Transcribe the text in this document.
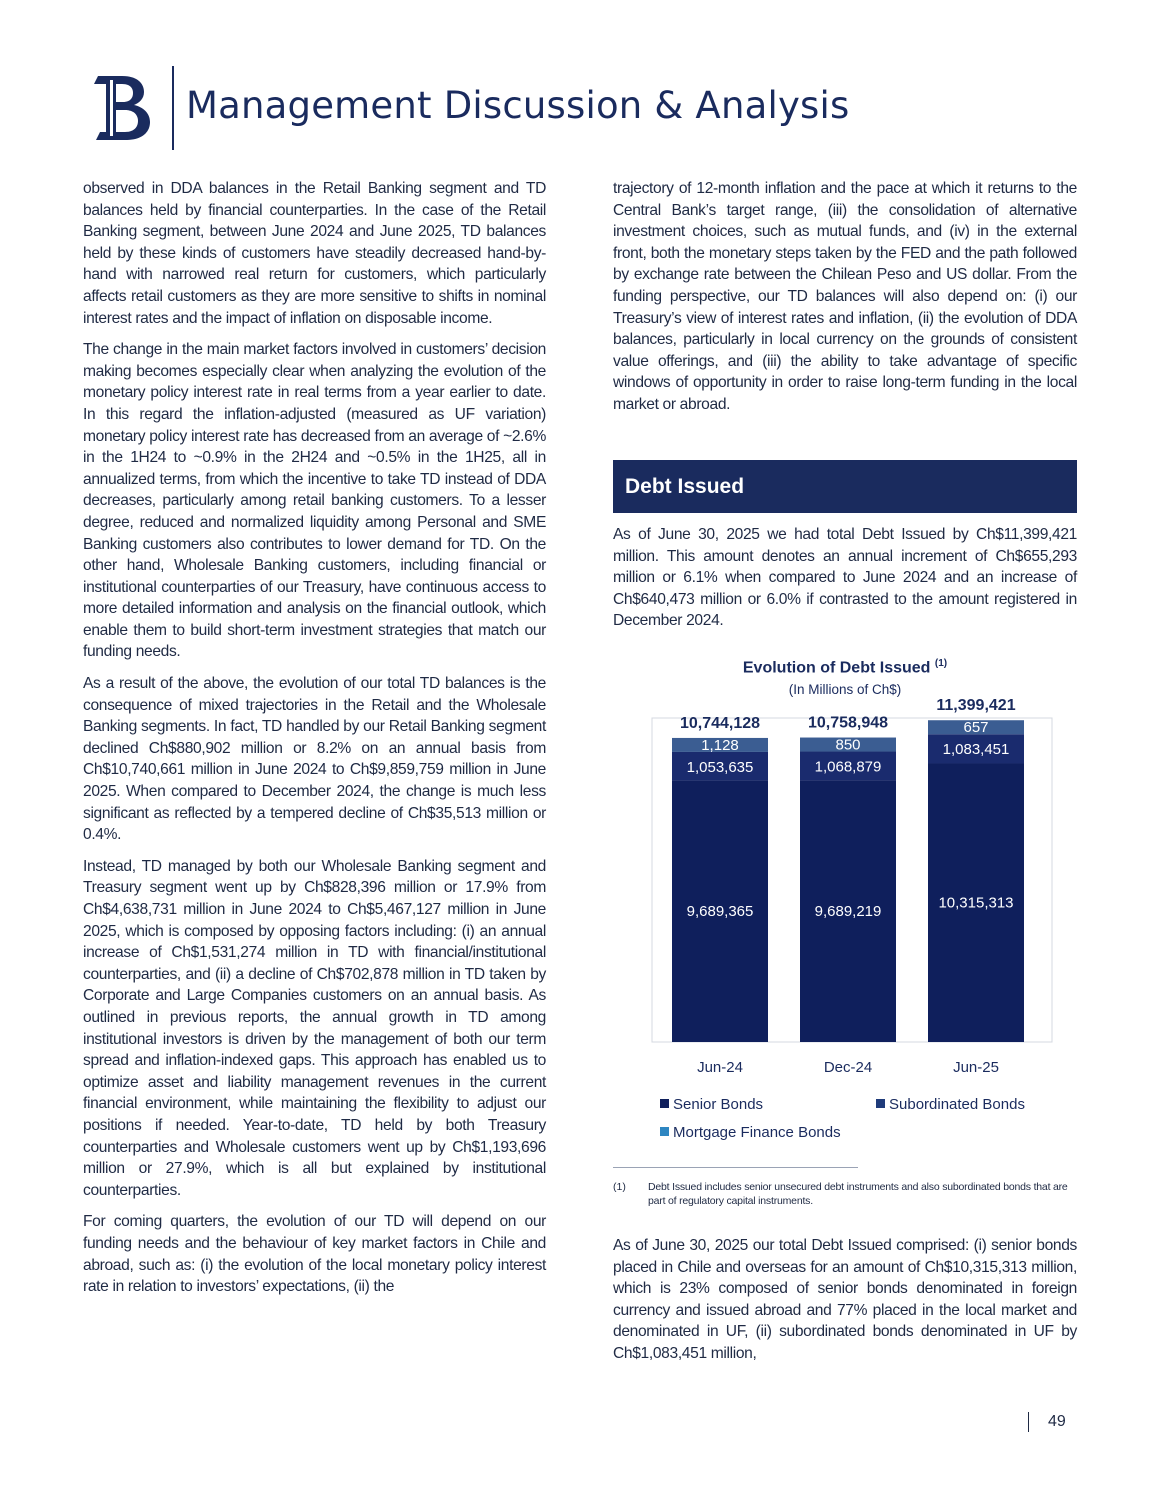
Management Discussion & Analysis

observed in DDA balances in the Retail Banking segment and TD balances held by financial counterparties. In the case of the Retail Banking segment, between June 2024 and June 2025, TD balances held by these kinds of customers have steadily decreased hand-by-hand with narrowed real return for customers, which particularly affects retail customers as they are more sensitive to shifts in nominal interest rates and the impact of inflation on disposable income.

The change in the main market factors involved in customers’ decision making becomes especially clear when analyzing the evolution of the monetary policy interest rate in real terms from a year earlier to date. In this regard the inflation-adjusted (measured as UF variation) monetary policy interest rate has decreased from an average of ~2.6% in the 1H24 to ~0.9% in the 2H24 and ~0.5% in the 1H25, all in annualized terms, from which the incentive to take TD instead of DDA decreases, particularly among retail banking customers. To a lesser degree, reduced and normalized liquidity among Personal and SME Banking customers also contributes to lower demand for TD. On the other hand, Wholesale Banking customers, including financial or institutional counterparties of our Treasury, have continuous access to more detailed information and analysis on the financial outlook, which enable them to build short-term investment strategies that match our funding needs.

As a result of the above, the evolution of our total TD balances is the consequence of mixed trajectories in the Retail and the Wholesale Banking segments. In fact, TD handled by our Retail Banking segment declined Ch$880,902 million or 8.2% on an annual basis from Ch$10,740,661 million in June 2024 to Ch$9,859,759 million in June 2025. When compared to December 2024, the change is much less significant as reflected by a tempered decline of Ch$35,513 million or 0.4%.

Instead, TD managed by both our Wholesale Banking segment and Treasury segment went up by Ch$828,396 million or 17.9% from Ch$4,638,731 million in June 2024 to Ch$5,467,127 million in June 2025, which is composed by opposing factors including: (i) an annual increase of Ch$1,531,274 million in TD with financial/institutional counterparties, and (ii) a decline of Ch$702,878 million in TD taken by Corporate and Large Companies customers on an annual basis. As outlined in previous reports, the annual growth in TD among institutional investors is driven by the management of both our term spread and inflation-indexed gaps. This approach has enabled us to optimize asset and liability management revenues in the current financial environment, while maintaining the flexibility to adjust our positions if needed. Year-to-date, TD held by both Treasury counterparties and Wholesale customers went up by Ch$1,193,696 million or 27.9%, which is all but explained by institutional counterparties.

For coming quarters, the evolution of our TD will depend on our funding needs and the behaviour of key market factors in Chile and abroad, such as: (i) the evolution of the local monetary policy interest rate in relation to investors’ expectations, (ii) the

trajectory of 12-month inflation and the pace at which it returns to the Central Bank’s target range, (iii) the consolidation of alternative investment choices, such as mutual funds, and (iv) in the external front, both the monetary steps taken by the FED and the path followed by exchange rate between the Chilean Peso and US dollar. From the funding perspective, our TD balances will also depend on: (i) our Treasury’s view of interest rates and inflation, (ii) the evolution of DDA balances, particularly in local currency on the grounds of consistent value offerings, and (iii) the ability to take advantage of specific windows of opportunity in order to raise long-term funding in the local market or abroad.

Debt Issued

As of June 30, 2025 we had total Debt Issued by Ch$11,399,421 million. This amount denotes an annual increment of Ch$655,293 million or 6.1% when compared to June 2024 and an increase of Ch$640,473 million or 6.0% if contrasted to the amount registered in December 2024.

Evolution of Debt Issued $^{(1)}$
(In Millions of Ch$)
9,689,365
1,053,635
1,128
10,744,128
Jun-24
9,689,219
1,068,879
850
10,758,948
Dec-24
10,315,313
1,083,451
657
11,399,421
Jun-25
Senior Bonds	Subordinated Bonds
Mortgage Finance Bonds
(1) Debt Issued includes senior unsecured debt instruments and also subordinated bonds that are part of regulatory capital instruments.

As of June 30, 2025 our total Debt Issued comprised: (i) senior bonds placed in Chile and overseas for an amount of Ch$10,315,313 million, which is 23% composed of senior bonds denominated in foreign currency and issued abroad and 77% placed in the local market and denominated in UF, (ii) subordinated bonds denominated in UF by Ch$1,083,451 million,

49
